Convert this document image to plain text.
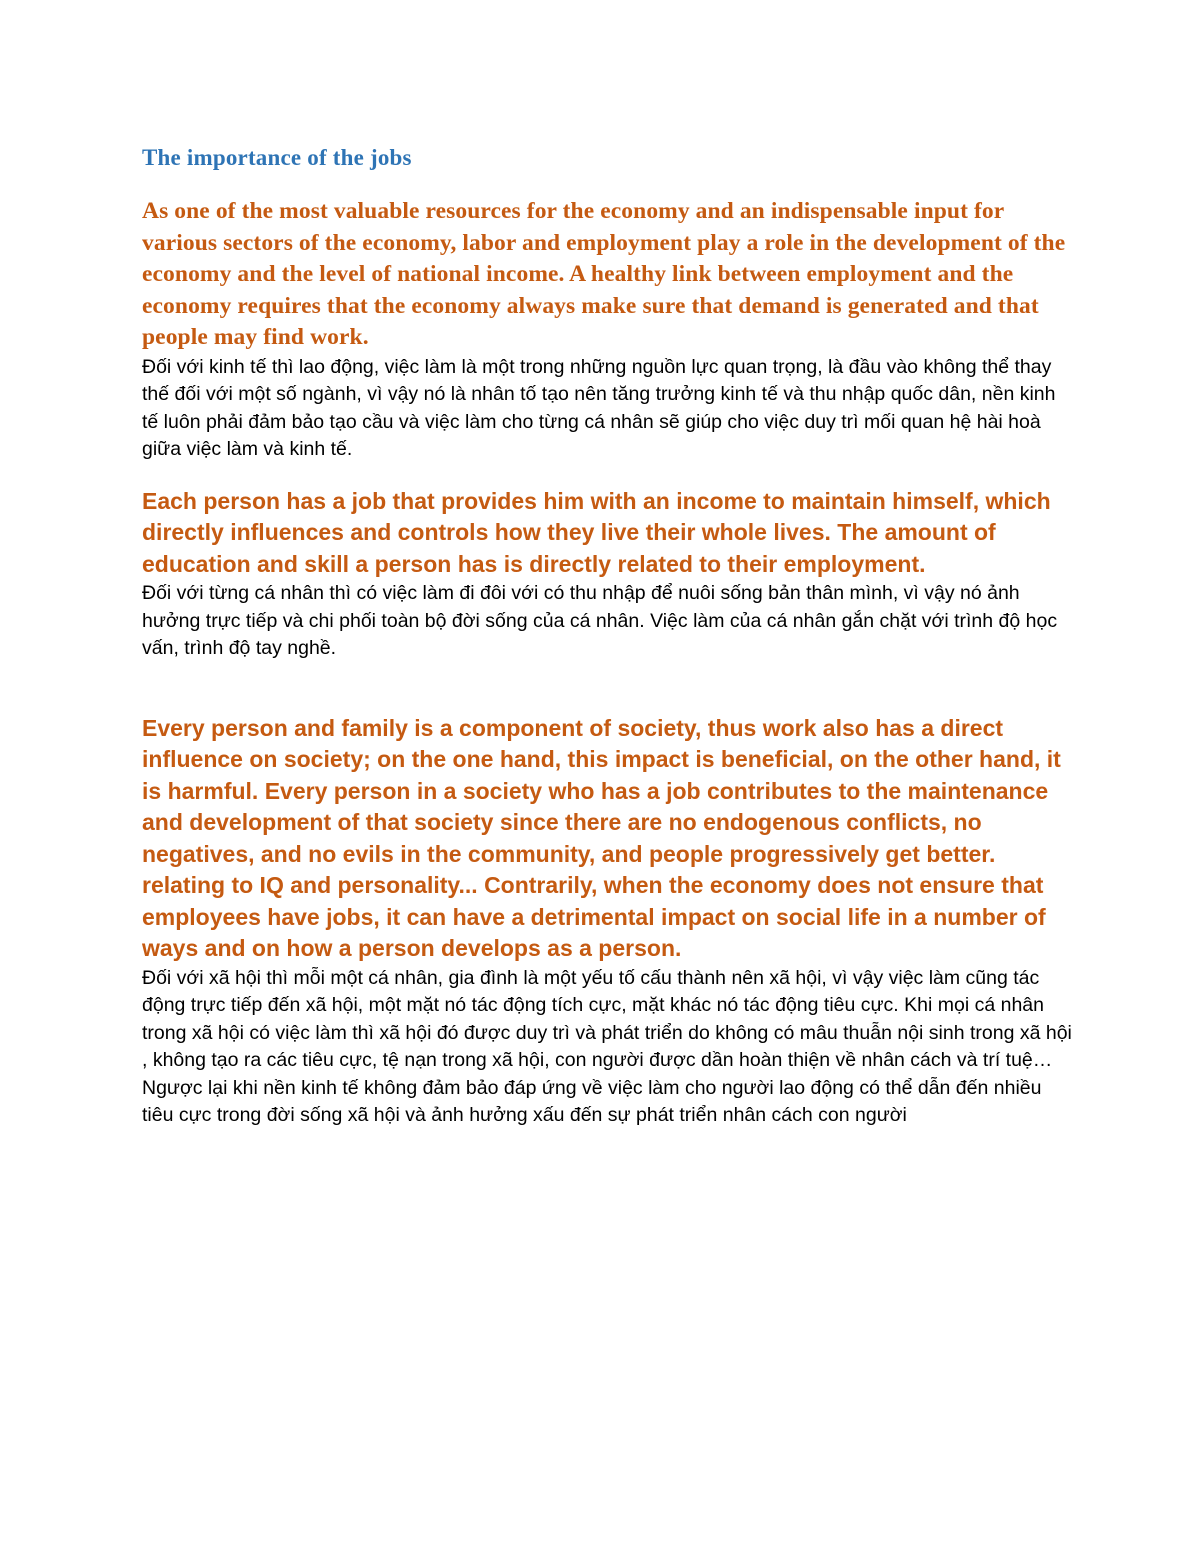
The importance of the jobs

As one of the most valuable resources for the economy and an indispensable input for various sectors of the economy, labor and employment play a role in the development of the economy and the level of national income. A healthy link between employment and the economy requires that the economy always make sure that demand is generated and that people may find work.

Đối với kinh tế thì lao động, việc làm là một trong những nguồn lực quan trọng, là đầu vào không thể thay thế đối với một số ngành, vì vậy nó là nhân tố tạo nên tăng trưởng kinh tế và thu nhập quốc dân, nền kinh tế luôn phải đảm bảo tạo cầu và việc làm cho từng cá nhân sẽ giúp cho việc duy trì mối quan hệ hài hoà giữa việc làm và kinh tế.

Each person has a job that provides him with an income to maintain himself, which directly influences and controls how they live their whole lives. The amount of education and skill a person has is directly related to their employment.

Đối với từng cá nhân thì có việc làm đi đôi với có thu nhập để nuôi sống bản thân mình, vì vậy nó ảnh hưởng trực tiếp và chi phối toàn bộ đời sống của cá nhân. Việc làm của cá nhân gắn chặt với trình độ học vấn, trình độ tay nghề.

Every person and family is a component of society, thus work also has a direct influence on society; on the one hand, this impact is beneficial, on the other hand, it is harmful. Every person in a society who has a job contributes to the maintenance and development of that society since there are no endogenous conflicts, no negatives, and no evils in the community, and people progressively get better. relating to IQ and personality... Contrarily, when the economy does not ensure that employees have jobs, it can have a detrimental impact on social life in a number of ways and on how a person develops as a person.

Đối với xã hội thì mỗi một cá nhân, gia đình là một yếu tố cấu thành nên xã hội, vì vậy việc làm cũng tác động trực tiếp đến xã hội, một mặt nó tác động tích cực, mặt khác nó tác động tiêu cực. Khi mọi cá nhân trong xã hội có việc làm thì xã hội đó được duy trì và phát triển do không có mâu thuẫn nội sinh trong xã hội , không tạo ra các tiêu cực, tệ nạn trong xã hội, con người được dần hoàn thiện về nhân cách và trí tuệ…Ngược lại khi nền kinh tế không đảm bảo đáp ứng về việc làm cho người lao động có thể dẫn đến nhiều tiêu cực trong đời sống xã hội và ảnh hưởng xấu đến sự phát triển nhân cách con người
